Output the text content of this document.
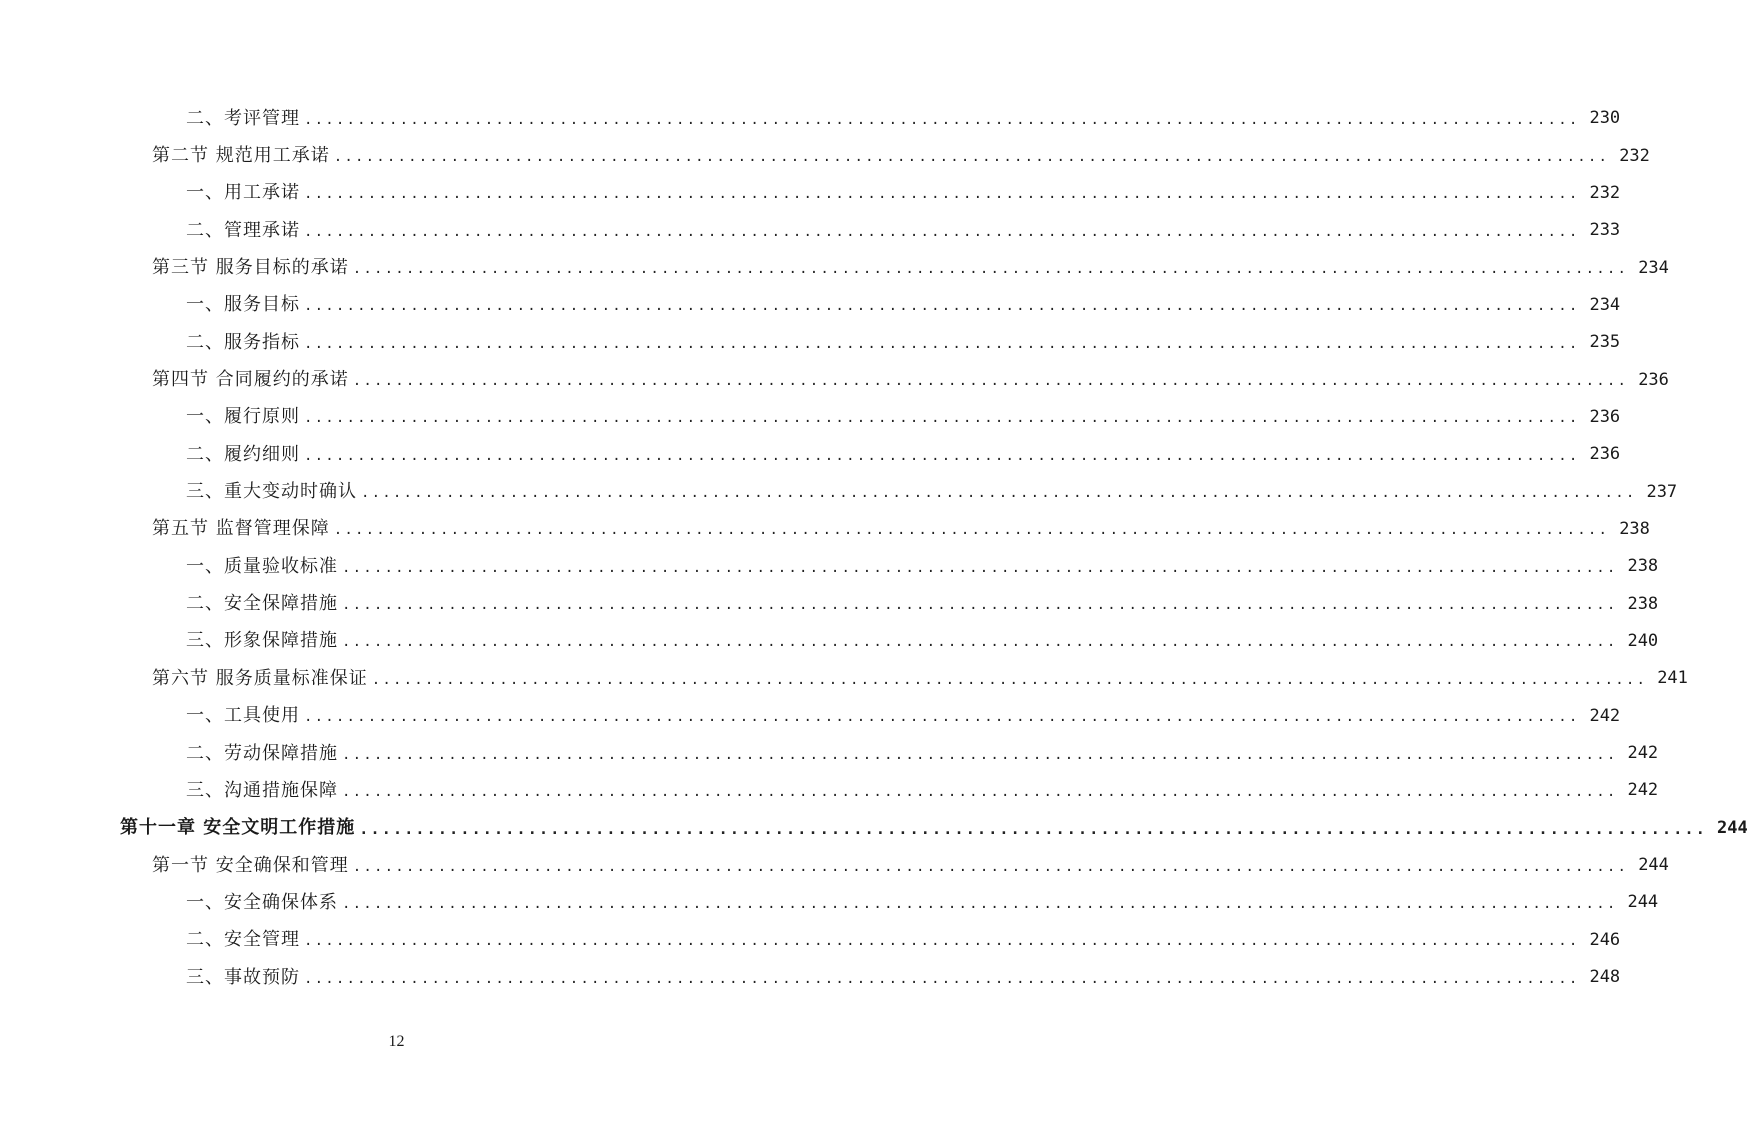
二、考评管理 ........................................................................................................................ 230
第二节 规范用工承诺 ........................................................................................................................ 232
一、用工承诺 ........................................................................................................................ 232
二、管理承诺 ........................................................................................................................ 233
第三节 服务目标的承诺 ........................................................................................................................ 234
一、服务目标 ........................................................................................................................ 234
二、服务指标 ........................................................................................................................ 235
第四节 合同履约的承诺 ........................................................................................................................ 236
一、履行原则 ........................................................................................................................ 236
二、履约细则 ........................................................................................................................ 236
三、重大变动时确认 ........................................................................................................................ 237
第五节 监督管理保障 ........................................................................................................................ 238
一、质量验收标准 ........................................................................................................................ 238
二、安全保障措施 ........................................................................................................................ 238
三、形象保障措施 ........................................................................................................................ 240
第六节 服务质量标准保证 ........................................................................................................................ 241
一、工具使用 ........................................................................................................................ 242
二、劳动保障措施 ........................................................................................................................ 242
三、沟通措施保障 ........................................................................................................................ 242
第十一章 安全文明工作措施 ........................................................................................................................ 244
第一节 安全确保和管理 ........................................................................................................................ 244
一、安全确保体系 ........................................................................................................................ 244
二、安全管理 ........................................................................................................................ 246
三、事故预防 ........................................................................................................................ 248
12
